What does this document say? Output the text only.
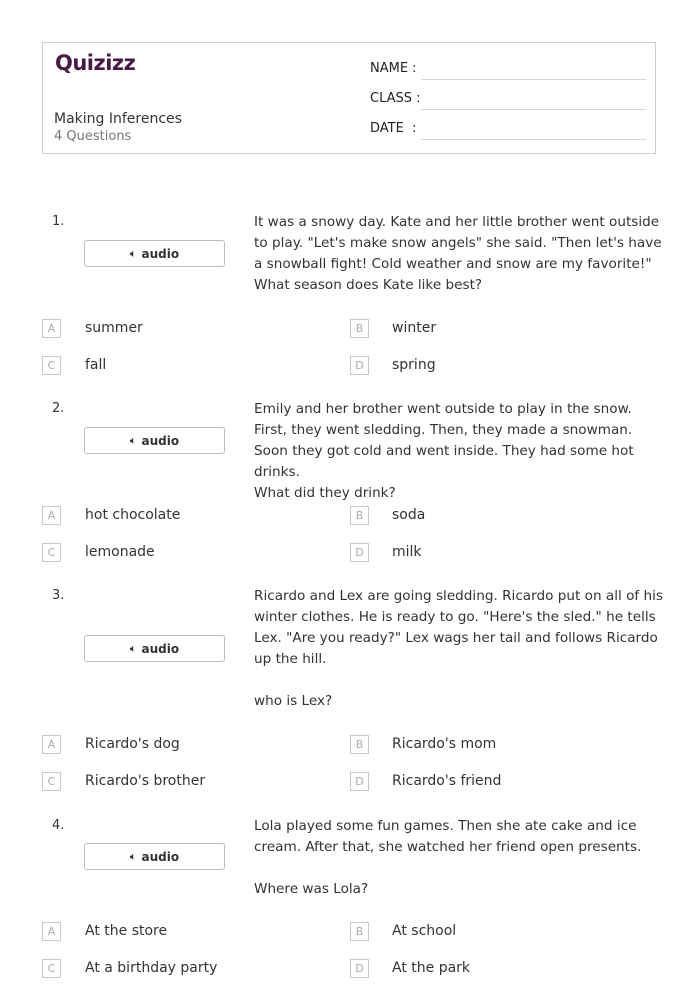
Quizizz
Making Inferences
4 Questions
NAME :
CLASS :
DATE  :
1.
🔈︎ audio

It was a snowy day. Kate and her little brother went outside to play. "Let's make snow angels" she said. "Then let's have a snowball fight! Cold weather and snow are my favorite!"

What season does Kate like best?

A	summer	B	winter
C	fall	D	spring
2.
🔈︎ audio

Emily and her brother went outside to play in the snow. First, they went sledding. Then, they made a snowman. Soon they got cold and went inside. They had some hot drinks.

What did they drink?

A	hot chocolate	B	soda
C	lemonade	D	milk
3.
🔈︎ audio

Ricardo and Lex are going sledding. Ricardo put on all of his winter clothes. He is ready to go. "Here's the sled." he tells Lex. "Are you ready?" Lex wags her tail and follows Ricardo up the hill.

who is Lex?

A	Ricardo's dog	B	Ricardo's mom
C	Ricardo's brother	D	Ricardo's friend
4.
🔈︎ audio

Lola played some fun games. Then she ate cake and ice cream. After that, she watched her friend open presents.

Where was Lola?

A	At the store	B	At school
C	At a birthday party	D	At the park
